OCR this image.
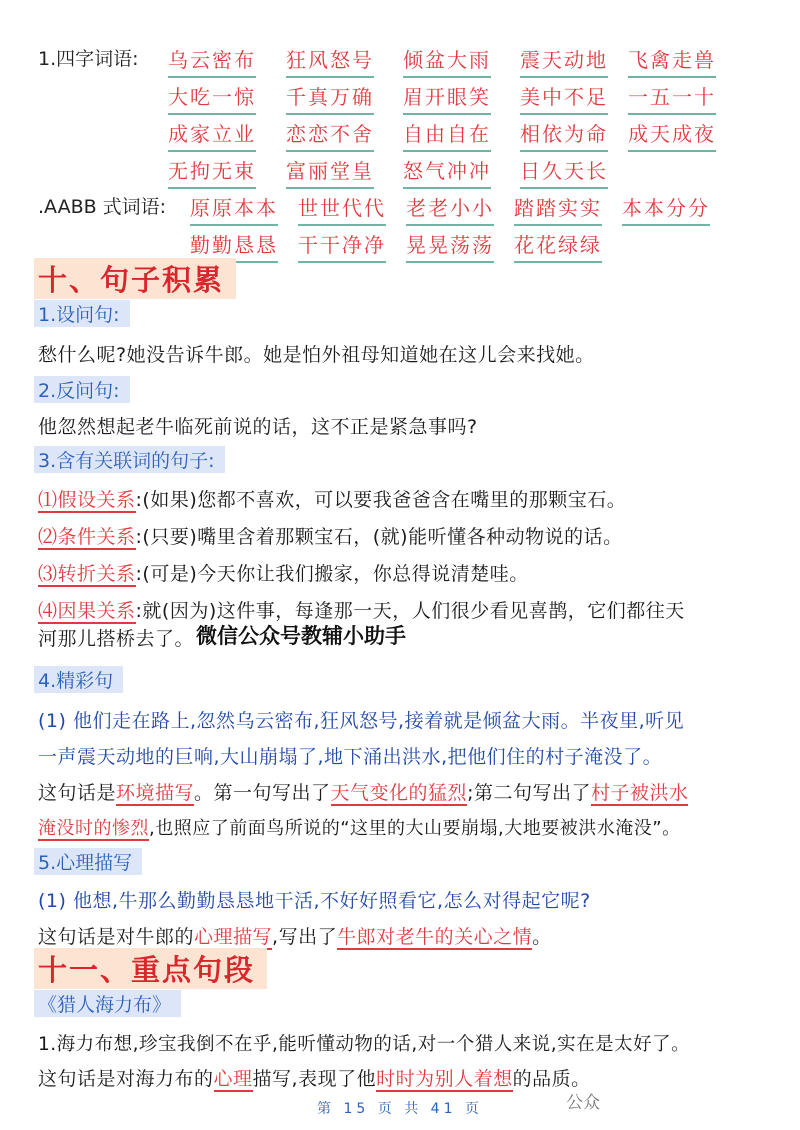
1.四字词语: 乌云密布 狂风怒号 倾盆大雨 震天动地 飞禽走兽
大吃一惊 千真万确 眉开眼笑 美中不足 一五一十
成家立业 恋恋不舍 自由自在 相依为命 成天成夜
无拘无束 富丽堂皇 怒气冲冲 日久天长
.AABB 式词语: 原原本本 世世代代 老老小小 踏踏实实 本本分分
勤勤恳恳 干干净净 晃晃荡荡 花花绿绿
十、句子积累
1.设问句:
愁什么呢?她没告诉牛郎。她是怕外祖母知道她在这儿会来找她。
2.反问句:
他忽然想起老牛临死前说的话，这不正是紧急事吗?
3.含有关联词的句子:
⑴假设关系:(如果)您都不喜欢，可以要我爸爸含在嘴里的那颗宝石。
⑵条件关系:(只要)嘴里含着那颗宝石，(就)能听懂各种动物说的话。
⑶转折关系:(可是)今天你让我们搬家，你总得说清楚哇。
⑷因果关系:就(因为)这件事，每逢那一天，人们很少看见喜鹊，它们都往天
河那儿搭桥去了。 微信公众号教辅小助手
4.精彩句
(1) 他们走在路上,忽然乌云密布,狂风怒号,接着就是倾盆大雨。半夜里,听见
一声震天动地的巨响,大山崩塌了,地下涌出洪水,把他们住的村子淹没了。
这句话是环境描写。第一句写出了天气变化的猛烈;第二句写出了村子被洪水
淹没时的惨烈,也照应了前面鸟所说的“这里的大山要崩塌,大地要被洪水淹没”。
5.心理描写
(1) 他想,牛那么勤勤恳恳地干活,不好好照看它,怎么对得起它呢?
这句话是对牛郎的心理描写,写出了牛郎对老牛的关心之情。
十一、重点句段
《猎人海力布》
1.海力布想,珍宝我倒不在乎,能听懂动物的话,对一个猎人来说,实在是太好了。
这句话是对海力布的心理描写,表现了他时时为别人着想的品质。
第 15 页 共 41 页	公众
